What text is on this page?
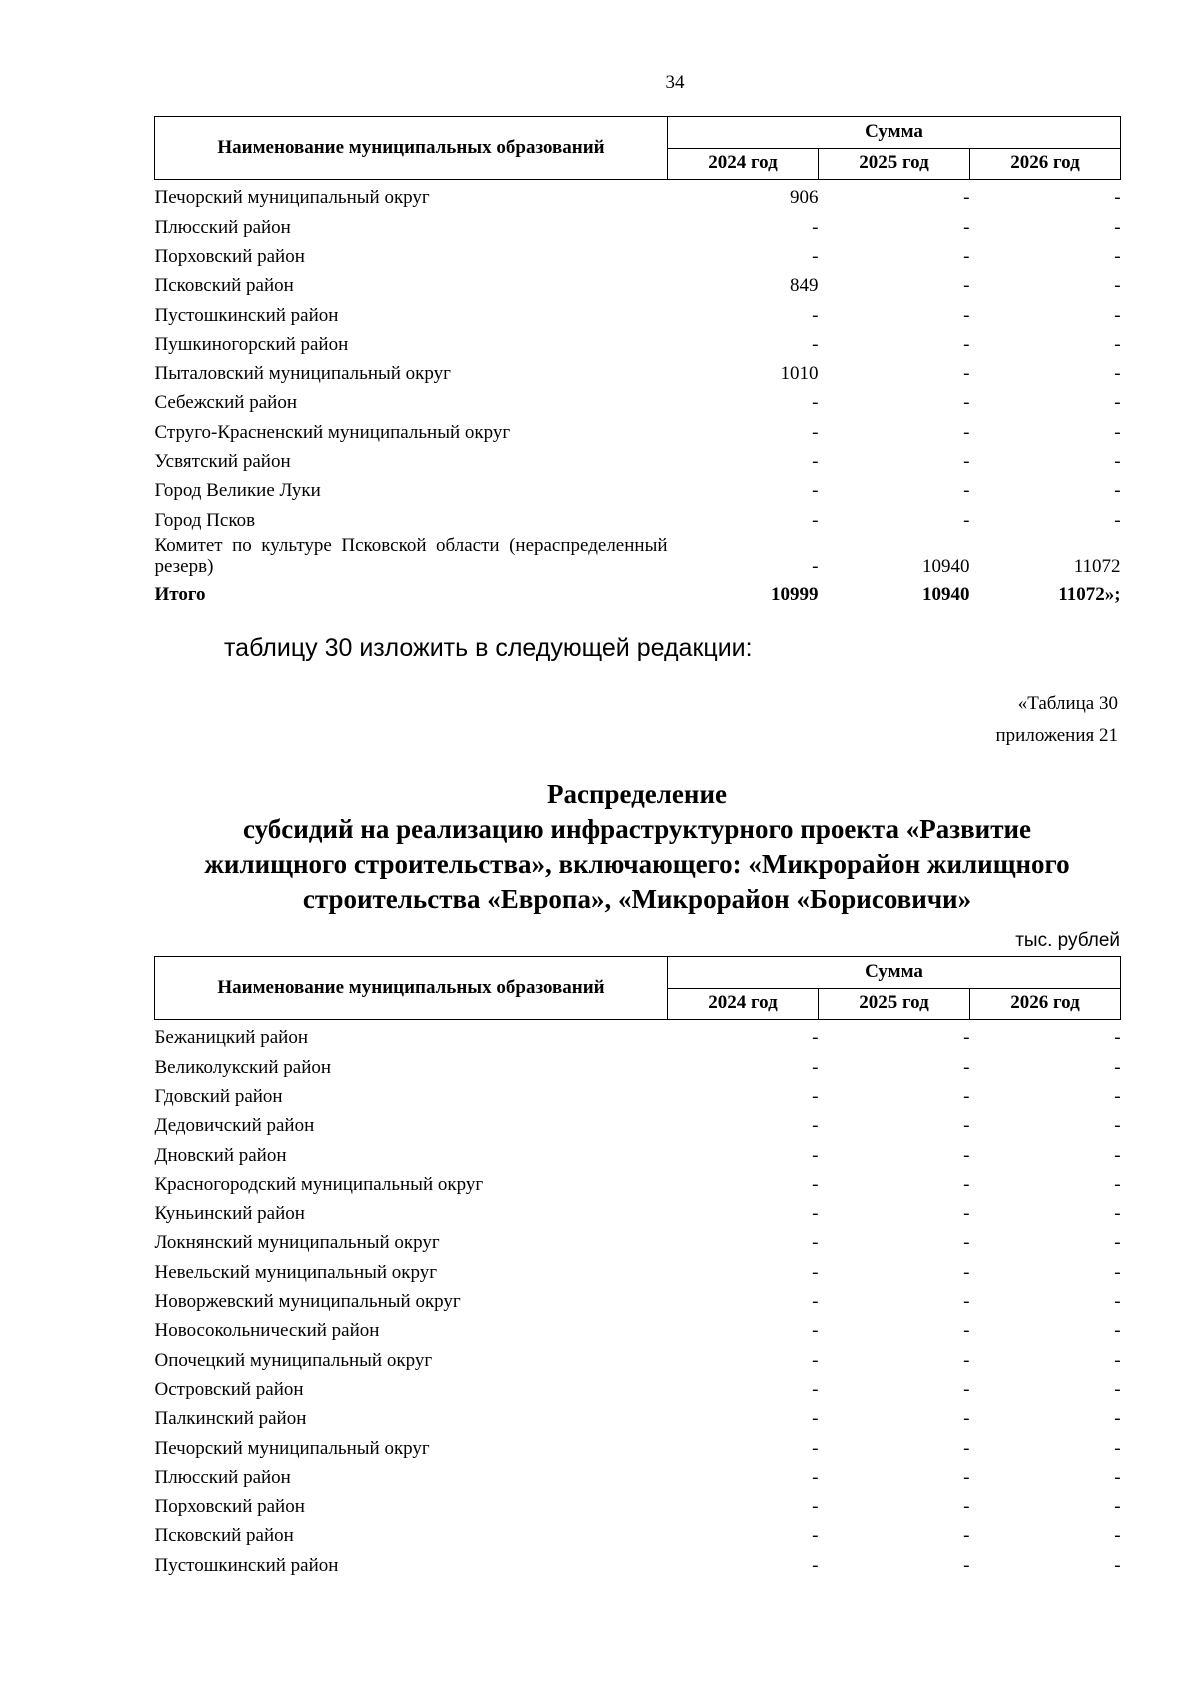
34
Наименование муниципальных образований	Сумма		
	2024 год	2025 год	2026 год
Печорский муниципальный округ	906	-	-
Плюсский район	-	-	-
Порховский район	-	-	-
Псковский район	849	-	-
Пустошкинский район	-	-	-
Пушкиногорский район	-	-	-
Пыталовский муниципальный округ	1010	-	-
Себежский район	-	-	-
Струго-Красненский муниципальный округ	-	-	-
Усвятский район	-	-	-
Город Великие Луки	-	-	-
Город Псков	-	-	-
Комитет по культуре Псковской области (нераспределенный резерв)	-	10940	11072
Итого	10999	10940	11072»;
таблицу 30 изложить в следующей редакции:
«Таблица 30
приложения 21
Распределение
субсидий на реализацию инфраструктурного проекта «Развитие
жилищного строительства», включающего: «Микрорайон жилищного
строительства «Европа», «Микрорайон «Борисовичи»
тыс. рублей
Наименование муниципальных образований	Сумма		
	2024 год	2025 год	2026 год
Бежаницкий район	-	-	-
Великолукский район	-	-	-
Гдовский район	-	-	-
Дедовичский район	-	-	-
Дновский район	-	-	-
Красногородский муниципальный округ	-	-	-
Куньинский район	-	-	-
Локнянский муниципальный округ	-	-	-
Невельский муниципальный округ	-	-	-
Новоржевский муниципальный округ	-	-	-
Новосокольнический район	-	-	-
Опочецкий муниципальный округ	-	-	-
Островский район	-	-	-
Палкинский район	-	-	-
Печорский муниципальный округ	-	-	-
Плюсский район	-	-	-
Порховский район	-	-	-
Псковский район	-	-	-
Пустошкинский район	-	-	-
